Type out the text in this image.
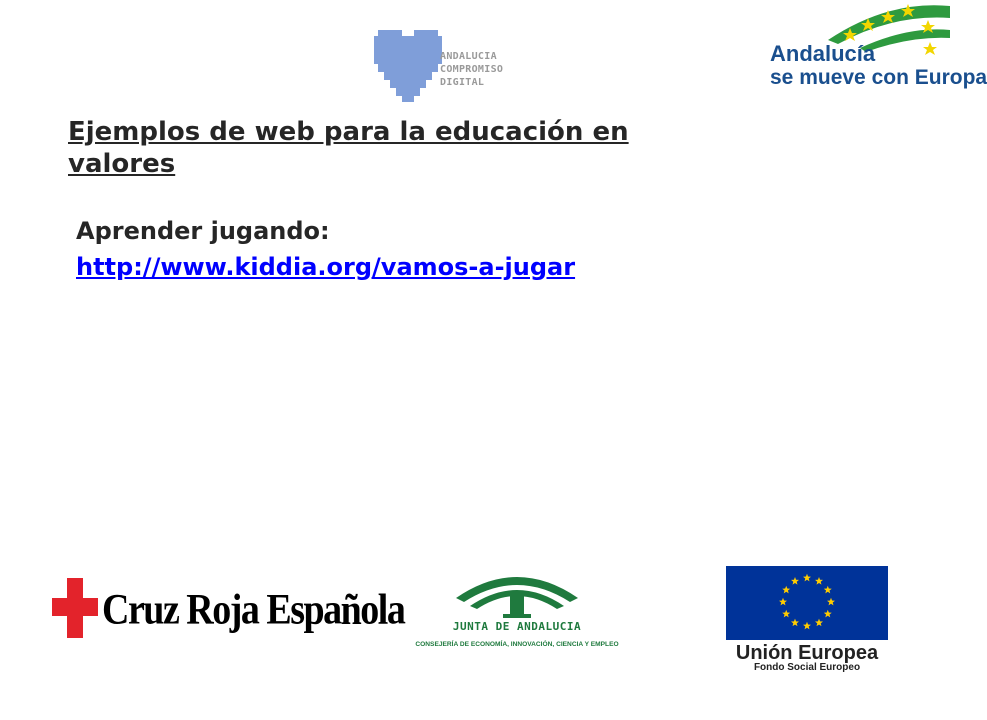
ANDALUCIA
COMPROMISO
DIGITAL
Andalucía
se mueve con Europa
Ejemplos de web para la educación en valores
Aprender jugando:
http://www.kiddia.org/vamos-a-jugar
Cruz Roja Española	JUNTA DE ANDALUCIA
CONSEJERÍA DE ECONOMÍA, INNOVACIÓN, CIENCIA Y EMPLEO	Unión Europea
Fondo Social Europeo
